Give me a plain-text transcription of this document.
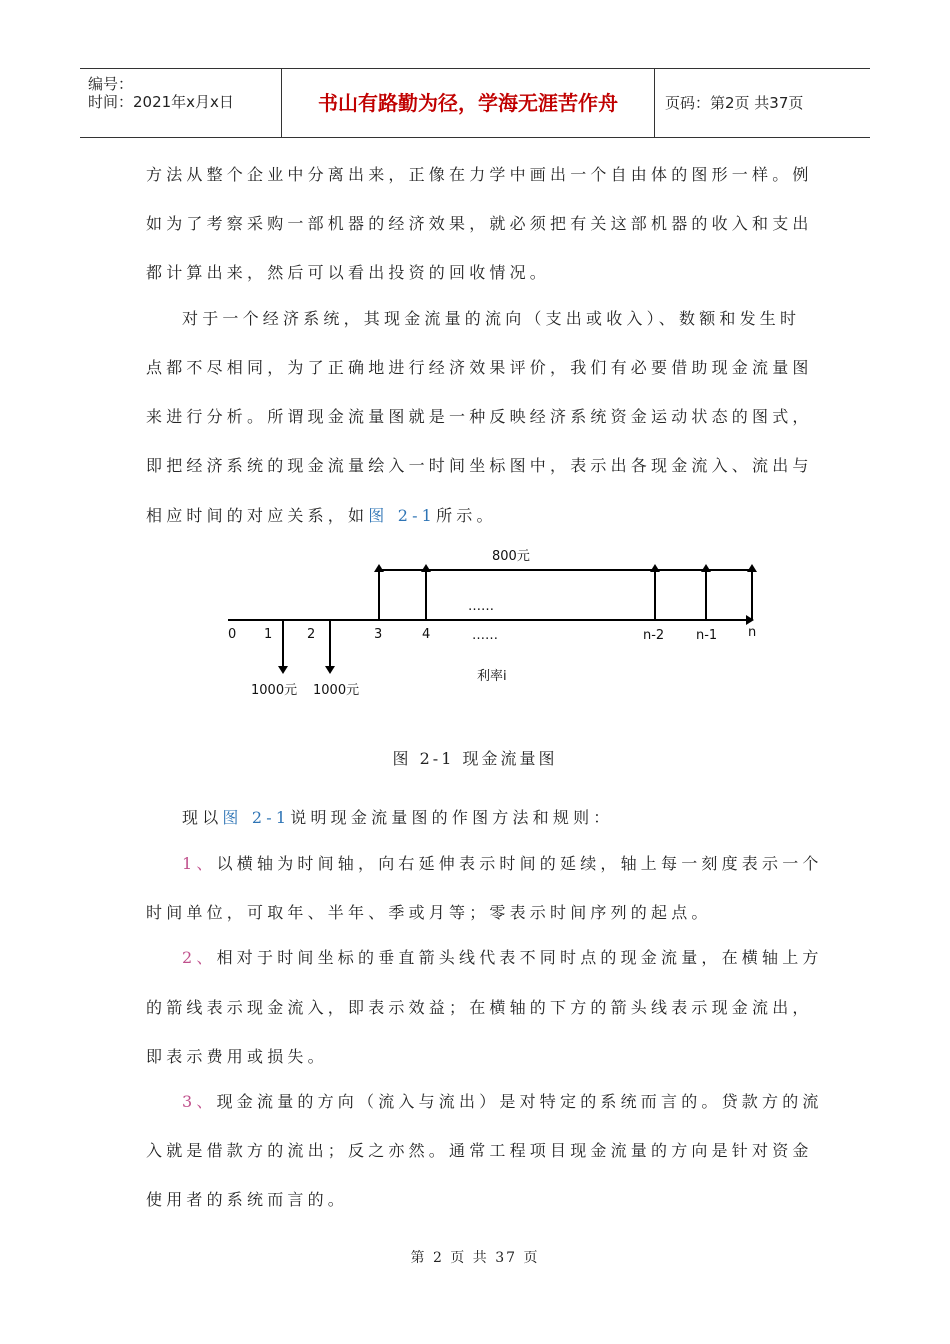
编号：
时间：2021年x月x日	书山有路勤为径，学海无涯苦作舟	页码：第2页 共37页
方法从整个企业中分离出来，正像在力学中画出一个自由体的图形一样。例
如为了考察采购一部机器的经济效果，就必须把有关这部机器的收入和支出
都计算出来，然后可以看出投资的回收情况。
对于一个经济系统，其现金流量的流向（支出或收入）、数额和发生时
点都不尽相同，为了正确地进行经济效果评价，我们有必要借助现金流量图
来进行分析。所谓现金流量图就是一种反映经济系统资金运动状态的图式，
即把经济系统的现金流量绘入一时间坐标图中，表示出各现金流入、流出与
相应时间的对应关系，如图 2-1所示。
800元
……
……
0 1	2	3	4	n-2 n-1 n
利率i
1000元 1000元
图 2-1 现金流量图
现以图 2-1说明现金流量图的作图方法和规则：
1、以横轴为时间轴，向右延伸表示时间的延续，轴上每一刻度表示一个
时间单位，可取年、半年、季或月等；零表示时间序列的起点。
2、相对于时间坐标的垂直箭头线代表不同时点的现金流量，在横轴上方
的箭线表示现金流入，即表示效益；在横轴的下方的箭头线表示现金流出，
即表示费用或损失。
3、现金流量的方向（流入与流出）是对特定的系统而言的。贷款方的流
入就是借款方的流出；反之亦然。通常工程项目现金流量的方向是针对资金
使用者的系统而言的。
第 2 页 共 37 页
